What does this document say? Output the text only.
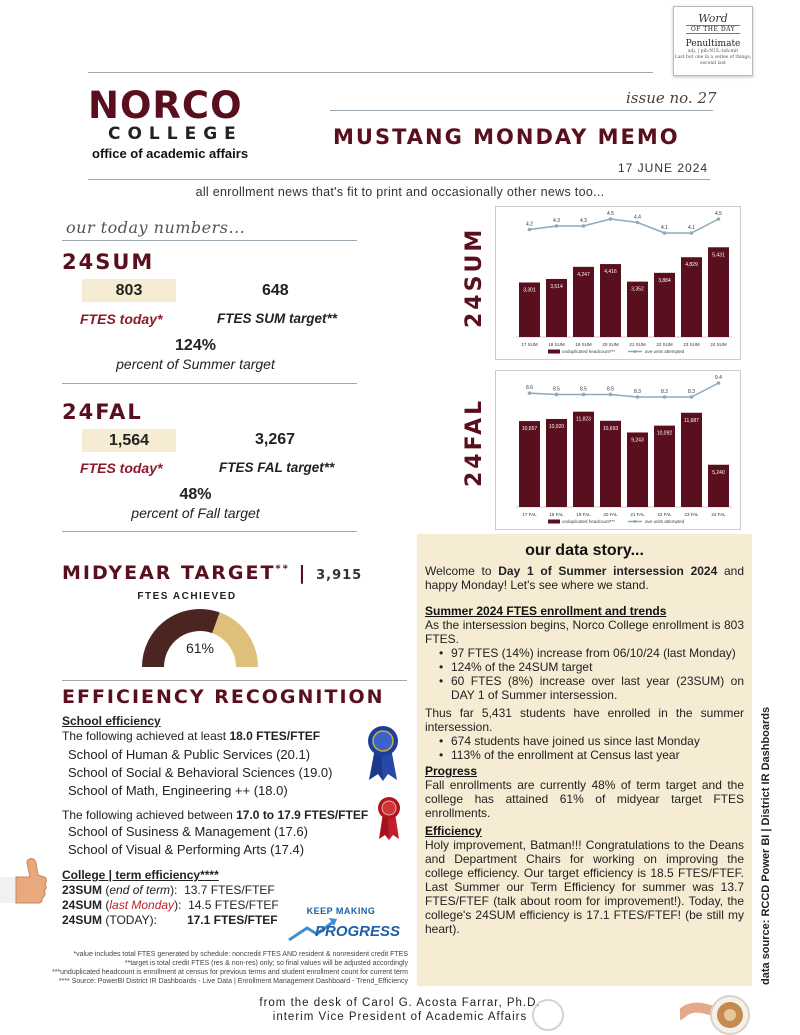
Word
OF THE DAY
Penultimate
adj. | pih-NUL-tuh-mit
Last but one in a series of things; second last
NORCO
COLLEGE
office of academic affairs
issue no. 27
MUSTANG MONDAY MEMO
17 JUNE 2024
all enrollment news that's fit to print and occasionally other news too...
our today numbers...
24SUM
803	648
FTES today*	FTES SUM target**
124%
percent of Summer target
24FAL
1,564	3,267
FTES today*	FTES FAL target**
48%
percent of Fall target
24SUM
24FAL
3,301
17 SUM
3,514
18 SUM
4,247
19 SUM
4,416
20 SUM
3,352
21 SUM
3,884
22 SUM
4,829
23 SUM
5,431
24 SUM
4.2
4.3	4.3
4.5
4.4
4.1	4.1
4.5
unduplicated headcount***	ave units attempted
10,657
17 FAL
10,920
18 FAL
11,823
19 FAL
10,693
20 FAL
9,243
21 FAL
10,092
22 FAL
11,687
23 FAL
5,240
24 FAL
8.6	8.5	8.5	8.5	8.3	8.3	8.3
9.4
unduplicated headcount***	ave units attempted
MIDYEAR TARGET** | 3,915
FTES ACHIEVED
61%
EFFICIENCY RECOGNITION
School efficiency
The following achieved at least 18.0 FTES/FTEF
School of Human & Public Services (20.1)
School of Social & Behavioral Sciences (19.0)
School of Math, Engineering ++ (18.0)
The following achieved between 17.0 to 17.9 FTES/FTEF
School of Susiness & Management (17.6)
School of Visual & Performing Arts (17.4)
College | term efficiency****
23SUM (end of term):  13.7 FTES/FTEF
24SUM (last Monday):  14.5 FTES/FTEF
24SUM (TODAY):         17.1 FTES/FTEF
KEEP MAKING
PROGRESS
*value includes total FTES generated by schedule: noncredit FTES AND resident & nonresident credit FTES
**target is total credit FTES (res & non-res) only; so final values will be adjusted accordingly
***unduplicated headcount is enrollment at census for previous terms and student enrollment count for current term
**** Source: PowerBI District IR Dashboards - Live Data | Enrollment Management Dashboard - Trend_Efficiency
our data story...
Welcome to Day 1 of Summer intersession 2024 and happy Monday! Let's see where we stand.
Summer 2024 FTES enrollment and trends
As the intersession begins, Norco College enrollment is 803 FTES.
• 97 FTES (14%) increase from 06/10/24 (last Monday)
• 124% of the 24SUM target
• 60 FTES (8%) increase over last year (23SUM) on DAY 1 of Summer intersession.
Thus far 5,431 students have enrolled in the summer intersession.
• 674 students have joined us since last Monday
• 113% of the enrollment at Census last year
Progress
Fall enrollments are currently 48% of term target and the college has attained 61% of midyear target FTES enrollments.
Efficiency
Holy improvement, Batman!!! Congratulations to the Deans and Department Chairs for working on improving the college efficiency. Our target efficiency is 18.5 FTES/FTEF. Last Summer our Term Efficiency for summer was 13.7 FTES/FTEF (talk about room for improvement!). Today, the college's 24SUM efficiency is 17.1 FTES/FTEF! (be still my heart).	data source: RCCD Power BI | District IR Dashboards
from the desk of Carol G. Acosta Farrar, Ph.D.
interim Vice President of Academic Affairs
